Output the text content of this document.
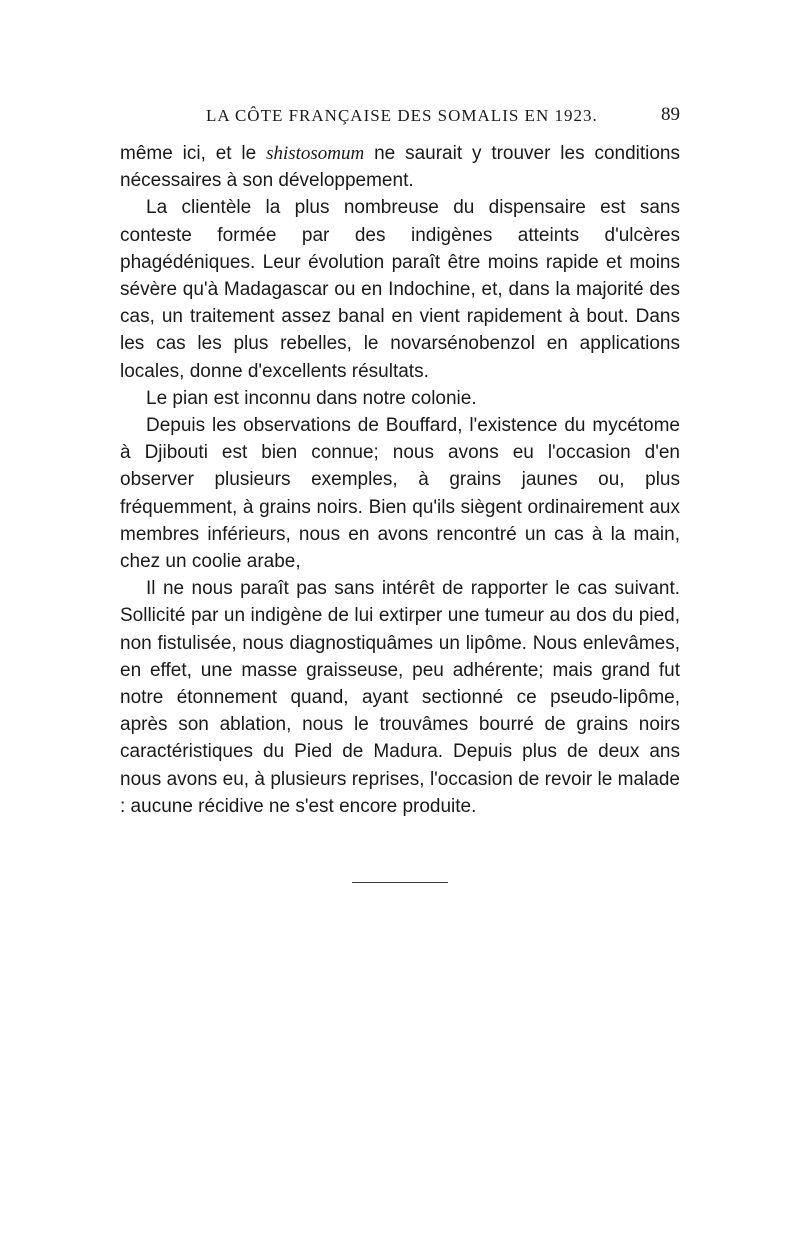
LA CÔTE FRANÇAISE DES SOMALIS EN 1923.	89

même ici, et le shistosomum ne saurait y trouver les conditions nécessaires à son développement.

La clientèle la plus nombreuse du dispensaire est sans conteste formée par des indigènes atteints d'ulcères phagédéniques. Leur évolution paraît être moins rapide et moins sévère qu'à Madagascar ou en Indochine, et, dans la majorité des cas, un traitement assez banal en vient rapidement à bout. Dans les cas les plus rebelles, le novarsénobenzol en applications locales, donne d'excellents résultats.

Le pian est inconnu dans notre colonie.

Depuis les observations de Bouffard, l'existence du mycétome à Djibouti est bien connue; nous avons eu l'occasion d'en observer plusieurs exemples, à grains jaunes ou, plus fréquemment, à grains noirs. Bien qu'ils siègent ordinairement aux membres inférieurs, nous en avons rencontré un cas à la main, chez un coolie arabe,

Il ne nous paraît pas sans intérêt de rapporter le cas suivant. Sollicité par un indigène de lui extirper une tumeur au dos du pied, non fistulisée, nous diagnostiquâmes un lipôme. Nous enlevâmes, en effet, une masse graisseuse, peu adhérente; mais grand fut notre étonnement quand, ayant sectionné ce pseudo-lipôme, après son ablation, nous le trouvâmes bourré de grains noirs caractéristiques du Pied de Madura. Depuis plus de deux ans nous avons eu, à plusieurs reprises, l'occasion de revoir le malade : aucune récidive ne s'est encore produite.
